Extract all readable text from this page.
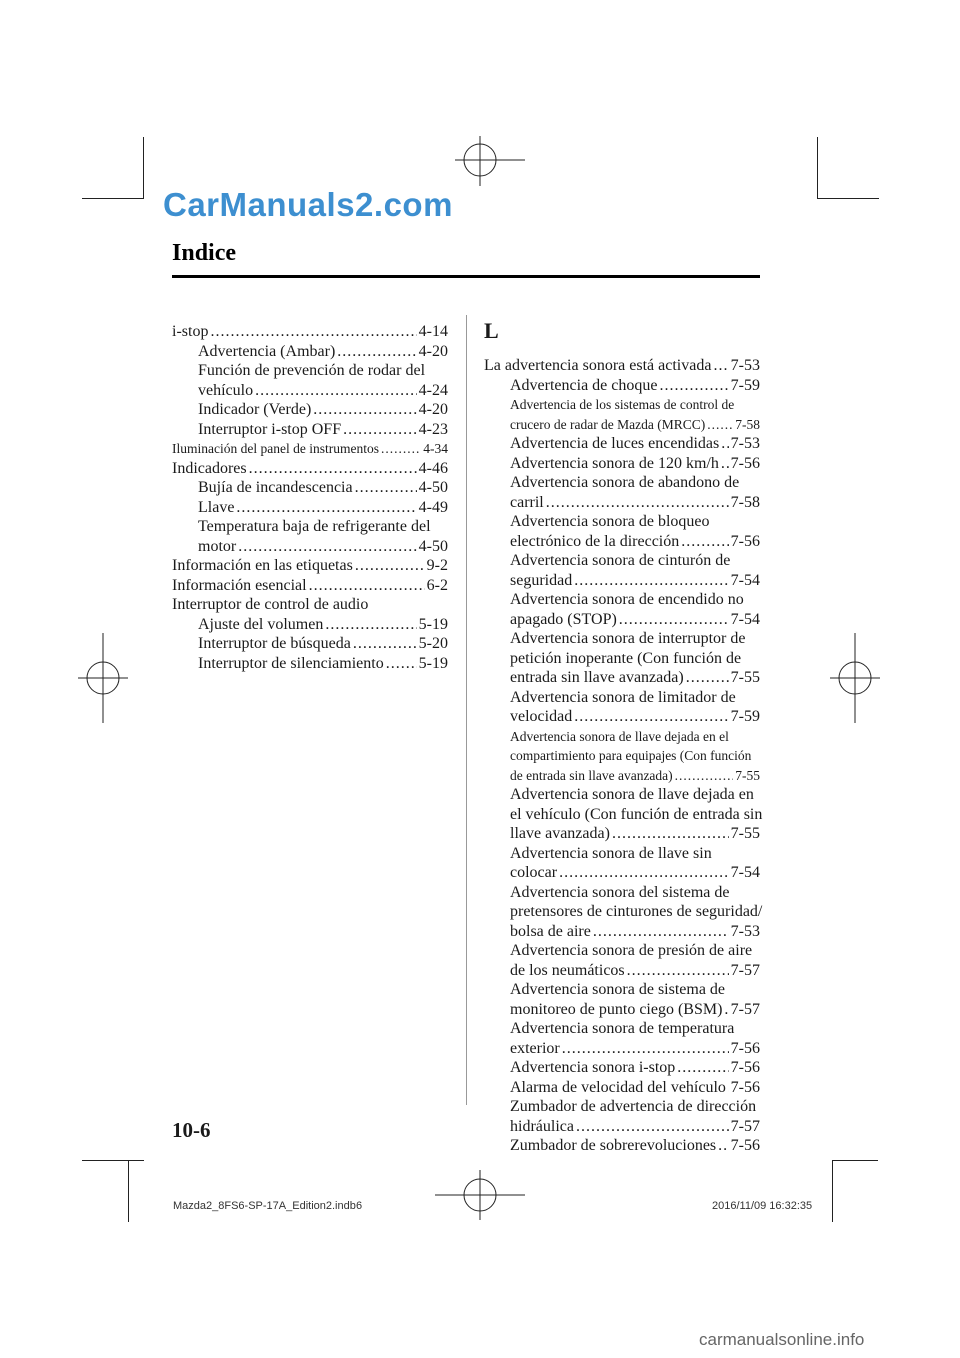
CarManuals2.com
Indice
L
i-stop .....	4-14
Advertencia (Ambar) .....	4-20
Función de prevención de rodar del
vehículo .....	4-24
Indicador (Verde) .....	4-20
Interruptor i-stop OFF .....	4-23
Iluminación del panel de instrumentos .....	4-34
Indicadores .....	4-46
Bujía de incandescencia .....	4-50
Llave .....	4-49
Temperatura baja de refrigerante del
motor .....	4-50
Información en las etiquetas .....	9-2
Información esencial .....	6-2
Interruptor de control de audio
Ajuste del volumen .....	5-19
Interruptor de búsqueda .....	5-20
Interruptor de silenciamiento ..... 5-19
La advertencia sonora está activada ..... 7-53
Advertencia de choque .....	7-59
Advertencia de los sistemas de control de
crucero de radar de Mazda (MRCC) ..... 7-58
Advertencia de luces encendidas ..... 7-53
Advertencia sonora de 120 km/h ..... 7-56
Advertencia sonora de abandono de
carril .....	7-58
Advertencia sonora de bloqueo
electrónico de la dirección .....	7-56
Advertencia sonora de cinturón de
seguridad .....	7-54
Advertencia sonora de encendido no
apagado (STOP) .....	7-54
Advertencia sonora de interruptor de
petición inoperante (Con función de
entrada sin llave avanzada) .....	7-55
Advertencia sonora de limitador de
velocidad .....	7-59
Advertencia sonora de llave dejada en el
compartimiento para equipajes (Con función
de entrada sin llave avanzada) .....	7-55
Advertencia sonora de llave dejada en
el vehículo (Con función de entrada sin
llave avanzada) .....	7-55
Advertencia sonora de llave sin
colocar .....	7-54
Advertencia sonora del sistema de
pretensores de cinturones de seguridad/
bolsa de aire .....	7-53
Advertencia sonora de presión de aire
de los neumáticos .....	7-57
Advertencia sonora de sistema de
monitoreo de punto ciego (BSM) ..... 7-57
Advertencia sonora de temperatura
exterior .....	7-56
Advertencia sonora i-stop .....	7-56
Alarma de velocidad del vehículo ..... 7-56
Zumbador de advertencia de dirección
hidráulica .....	7-57
Zumbador de sobrerevoluciones ..... 7-56
10-6
Mazda2_8FS6-SP-17A_Edition2.indb 6	2016/11/09 16:32:35
carmanualsonline.info
